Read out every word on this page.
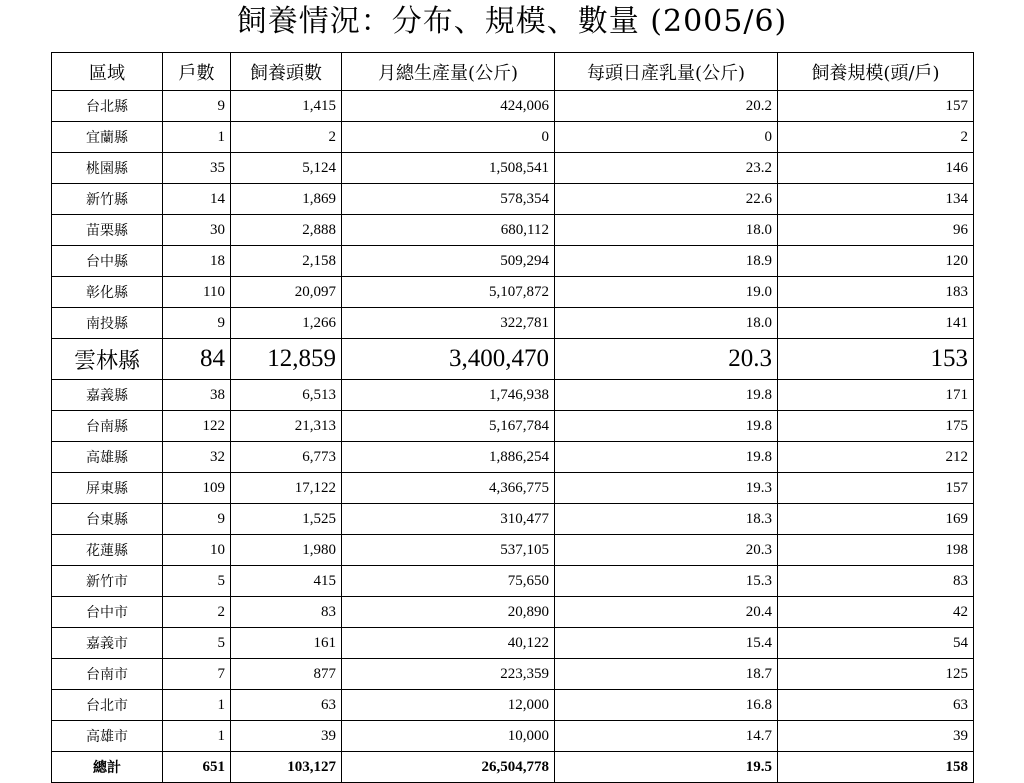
飼養情況：分布、規模、數量 (2005/6)
區域	戶數	飼養頭數	月總生產量(公斤)	每頭日產乳量(公斤)	飼養規模(頭/戶)
台北縣	9	1,415	424,006	20.2	157
宜蘭縣	1	2	0	0	2
桃園縣	35	5,124	1,508,541	23.2	146
新竹縣	14	1,869	578,354	22.6	134
苗栗縣	30	2,888	680,112	18.0	96
台中縣	18	2,158	509,294	18.9	120
彰化縣	110	20,097	5,107,872	19.0	183
南投縣	9	1,266	322,781	18.0	141
雲林縣	84	12,859	3,400,470	20.3	153
嘉義縣	38	6,513	1,746,938	19.8	171
台南縣	122	21,313	5,167,784	19.8	175
高雄縣	32	6,773	1,886,254	19.8	212
屏東縣	109	17,122	4,366,775	19.3	157
台東縣	9	1,525	310,477	18.3	169
花蓮縣	10	1,980	537,105	20.3	198
新竹市	5	415	75,650	15.3	83
台中市	2	83	20,890	20.4	42
嘉義市	5	161	40,122	15.4	54
台南市	7	877	223,359	18.7	125
台北市	1	63	12,000	16.8	63
高雄市	1	39	10,000	14.7	39
總計	651	103,127	26,504,778	19.5	158
